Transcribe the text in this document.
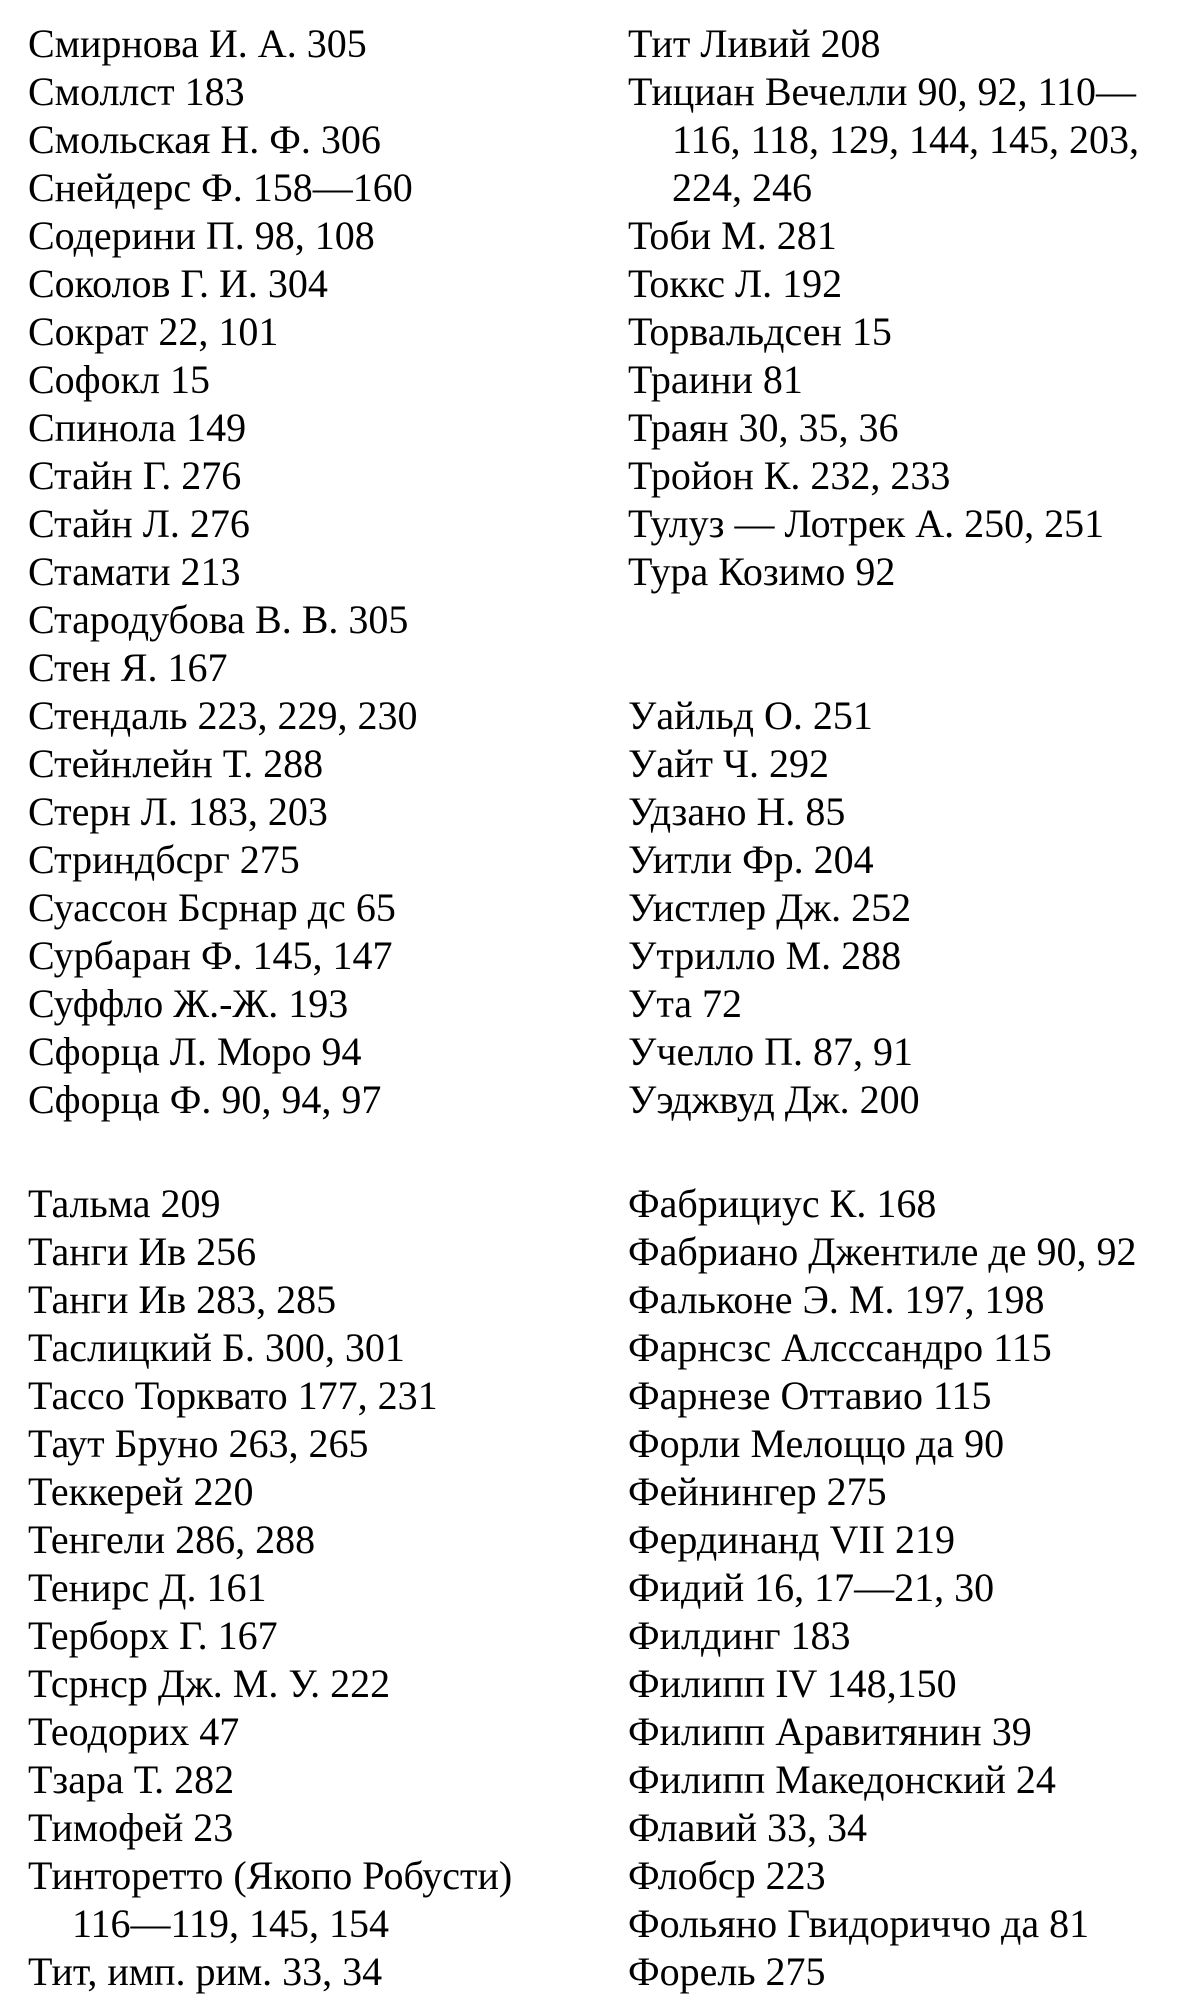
Смирнова И. А. 305
Смоллст 183
Смольская Н. Ф. 306
Снейдерс Ф. 158—160
Содерини П. 98, 108
Соколов Г. И. 304
Сократ 22, 101
Софокл 15
Спинола 149
Стайн Г. 276
Стайн Л. 276
Стамати 213
Стародубова В. В. 305
Стен Я. 167
Стендаль 223, 229, 230
Стейнлейн Т. 288
Стерн Л. 183, 203
Стриндбсрг 275
Суассон Бсрнар дс 65
Сурбаран Ф. 145, 147
Суффло Ж.-Ж. 193
Сфорца Л. Моро 94
Сфорца Ф. 90, 94, 97
Тальма 209
Танги Ив 256
Танги Ив 283, 285
Таслицкий Б. 300, 301
Тассо Торквато 177, 231
Таут Бруно 263, 265
Теккерей 220
Тенгели 286, 288
Тенирс Д. 161
Терборх Г. 167
Тсрнср Дж. М. У. 222
Теодорих 47
Тзара Т. 282
Тимофей 23
Тинторетто (Якопо Робусти)
116—119, 145, 154
Тит, имп. рим. 33, 34
Тит Ливий 208
Тициан Вечелли 90, 92, 110—
116, 118, 129, 144, 145, 203,
224, 246
Тоби М. 281
Токкс Л. 192
Торвальдсен 15
Траини 81
Траян 30, 35, 36
Тройон К. 232, 233
Тулуз — Лотрек А. 250, 251
Тура Козимо 92
Уайльд О. 251
Уайт Ч. 292
Удзано Н. 85
Уитли Фр. 204
Уистлер Дж. 252
Утрилло М. 288
Ута 72
Учелло П. 87, 91
Уэджвуд Дж. 200
Фабрициус К. 168
Фабриано Джентиле де 90, 92
Фальконе Э. М. 197, 198
Фарнсзс Алсссандро 115
Фарнезе Оттавио 115
Форли Мелоццо да 90
Фейнингер 275
Фердинанд VII 219
Фидий 16, 17—21, 30
Филдинг 183
Филипп IV 148,150
Филипп Аравитянин 39
Филипп Македонский 24
Флавий 33, 34
Флобср 223
Фольяно Гвидориччо да 81
Форель 275
